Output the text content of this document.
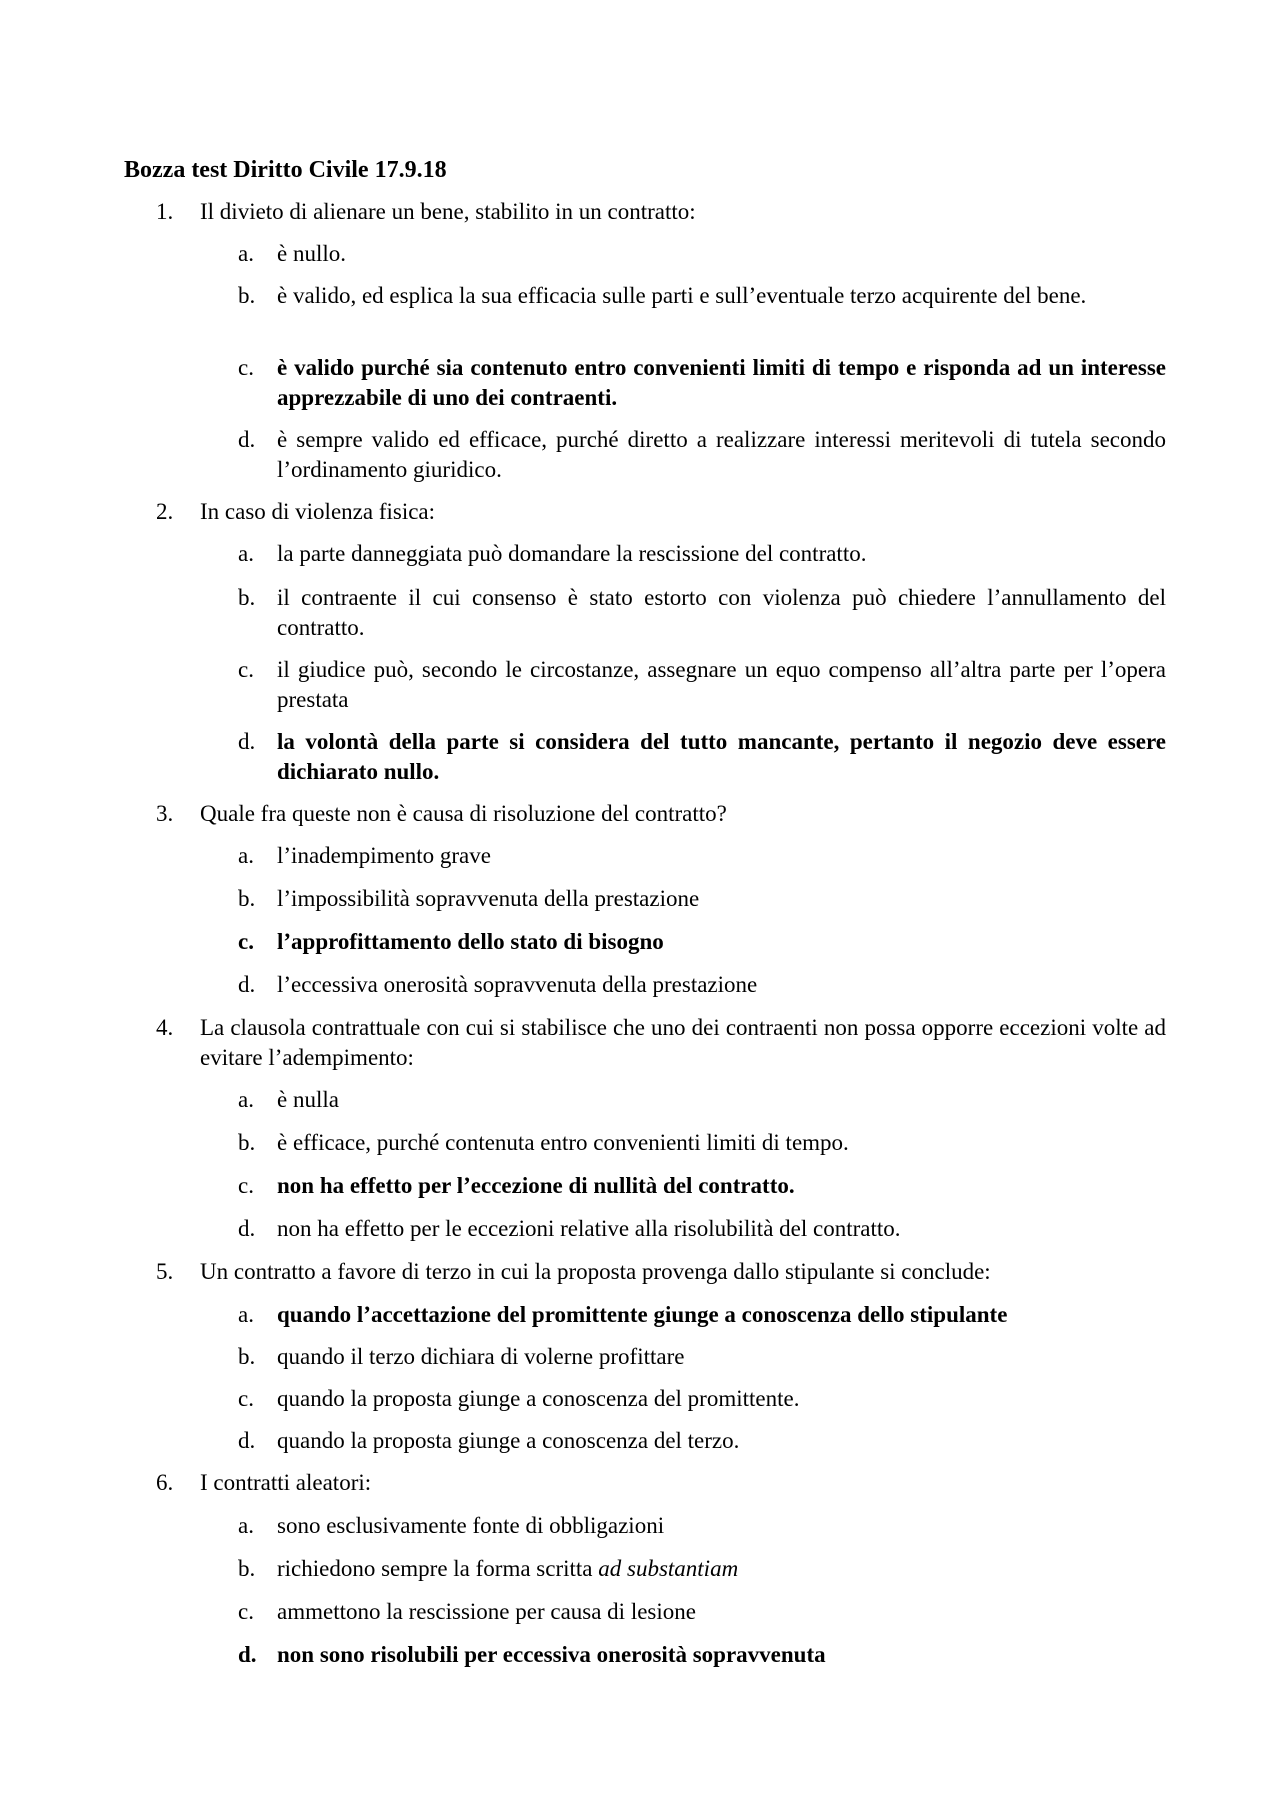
Bozza test Diritto Civile 17.9.18
1.	Il divieto di alienare un bene, stabilito in un contratto:
a.	è nullo.
b. è valido, ed esplica la sua efficacia sulle parti e sull’eventuale terzo acquirente del bene.
c.	è valido purché sia contenuto entro convenienti limiti di tempo e risponda ad un interesse apprezzabile di uno dei contraenti.
d. è sempre valido ed efficace, purché diretto a realizzare interessi meritevoli di tutela secondo l’ordinamento giuridico.
2.	In caso di violenza fisica:
a.	la parte danneggiata può domandare la rescissione del contratto.
b. il contraente il cui consenso è stato estorto con violenza può chiedere l’annullamento del contratto.
c.	il giudice può, secondo le circostanze, assegnare un equo compenso all’altra parte per l’opera prestata
d. la volontà della parte si considera del tutto mancante, pertanto il negozio deve essere dichiarato nullo.
3.	Quale fra queste non è causa di risoluzione del contratto?
a.	l’inadempimento grave
b. l’impossibilità sopravvenuta della prestazione
c.	l’approfittamento dello stato di bisogno
d. l’eccessiva onerosità sopravvenuta della prestazione
4.	La clausola contrattuale con cui si stabilisce che uno dei contraenti non possa opporre eccezioni volte ad evitare l’adempimento:
a.	è nulla
b. è efficace, purché contenuta entro convenienti limiti di tempo.
c.	non ha effetto per l’eccezione di nullità del contratto.
d. non ha effetto per le eccezioni relative alla risolubilità del contratto.
5.	Un contratto a favore di terzo in cui la proposta provenga dallo stipulante si conclude:
a.	quando l’accettazione del promittente giunge a conoscenza dello stipulante
b. quando il terzo dichiara di volerne profittare
c.	quando la proposta giunge a conoscenza del promittente.
d. quando la proposta giunge a conoscenza del terzo.
6.	I contratti aleatori:
a.	sono esclusivamente fonte di obbligazioni
b. richiedono sempre la forma scritta ad substantiam
c.	ammettono la rescissione per causa di lesione
d. non sono risolubili per eccessiva onerosità sopravvenuta
